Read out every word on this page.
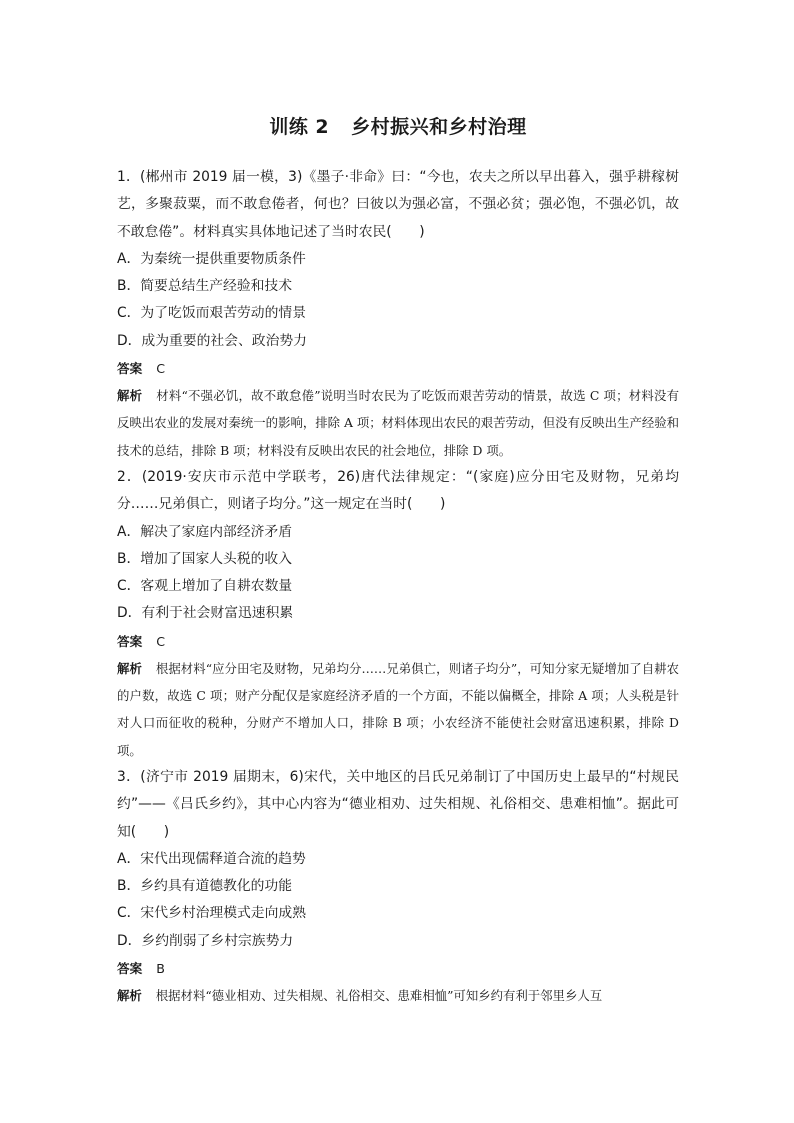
训练 2 乡村振兴和乡村治理

1．(郴州市 2019 届一模，3)《墨子·非命》曰：“今也，农夫之所以早出暮入，强乎耕稼树艺，多聚菽粟，而不敢怠倦者，何也？曰彼以为强必富，不强必贫；强必饱，不强必饥，故不敢怠倦”。材料真实具体地记述了当时农民(　　)

A．为秦统一提供重要物质条件

B．简要总结生产经验和技术

C．为了吃饭而艰苦劳动的情景

D．成为重要的社会、政治势力

答案 C

解析 材料“不强必饥，故不敢怠倦”说明当时农民为了吃饭而艰苦劳动的情景，故选 C 项；材料没有反映出农业的发展对秦统一的影响，排除 A 项；材料体现出农民的艰苦劳动，但没有反映出生产经验和技术的总结，排除 B 项；材料没有反映出农民的社会地位，排除 D 项。

2．(2019·安庆市示范中学联考，26)唐代法律规定：“(家庭)应分田宅及财物，兄弟均分……兄弟俱亡，则诸子均分。”这一规定在当时(　　)

A．解决了家庭内部经济矛盾

B．增加了国家人头税的收入

C．客观上增加了自耕农数量

D．有利于社会财富迅速积累

答案 C

解析 根据材料“应分田宅及财物，兄弟均分……兄弟俱亡，则诸子均分”，可知分家无疑增加了自耕农的户数，故选 C 项；财产分配仅是家庭经济矛盾的一个方面，不能以偏概全，排除 A 项；人头税是针对人口而征收的税种，分财产不增加人口，排除 B 项；小农经济不能使社会财富迅速积累，排除 D 项。

3．(济宁市 2019 届期末，6)宋代，关中地区的吕氏兄弟制订了中国历史上最早的“村规民约”——《吕氏乡约》，其中心内容为“德业相劝、过失相规、礼俗相交、患难相恤”。据此可知(　　)

A．宋代出现儒释道合流的趋势

B．乡约具有道德教化的功能

C．宋代乡村治理模式走向成熟

D．乡约削弱了乡村宗族势力

答案 B

解析 根据材料“德业相劝、过失相规、礼俗相交、患难相恤”可知乡约有利于邻里乡人互
